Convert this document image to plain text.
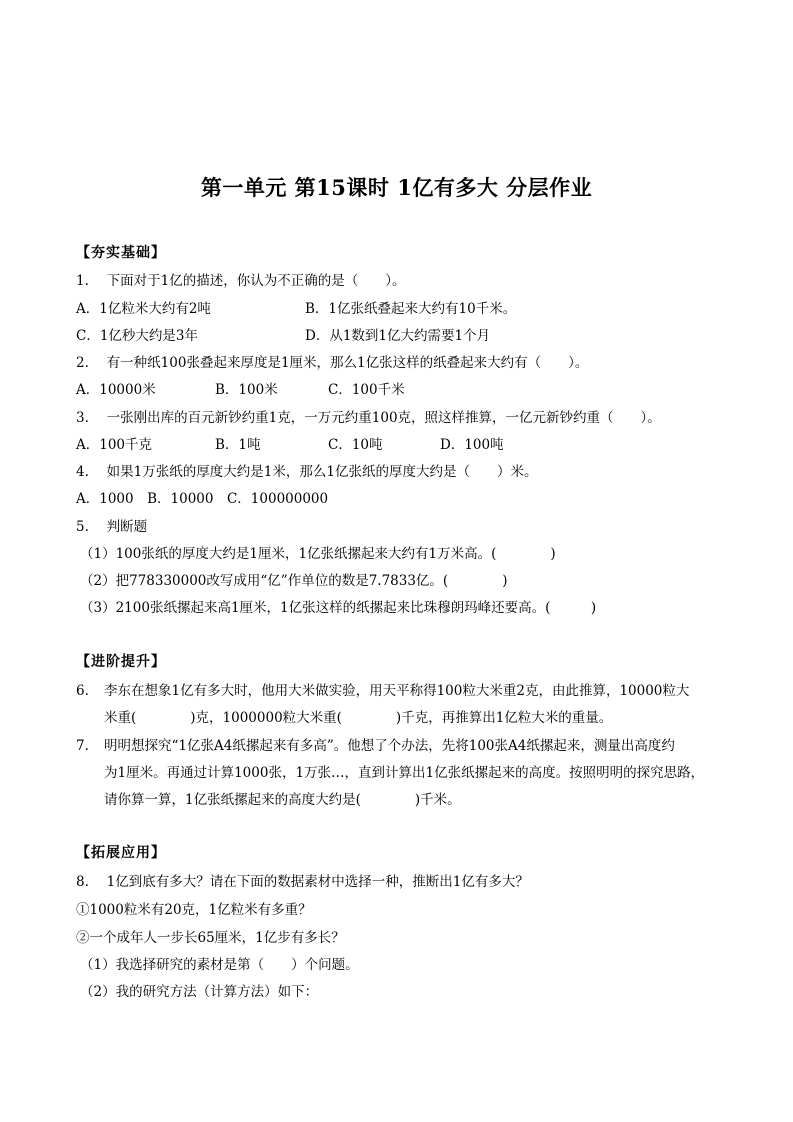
第一单元 第15课时 1亿有多大 分层作业
【夯实基础】
1.　 下面对于1亿的描述，你认为不正确的是（　　）。
A．1亿粒米大约有2吨	B．1亿张纸叠起来大约有10千米。
C．1亿秒大约是3年	D．从1数到1亿大约需要1个月
2.　 有一种纸100张叠起来厚度是1厘米，那么1亿张这样的纸叠起来大约有（　　）。
A．10000米	B．100米	C．100千米
3.　 一张刚出库的百元新钞约重1克，一万元约重100克，照这样推算，一亿元新钞约重（　　）。
A．100千克	B．1吨	C．10吨	D．100吨
4.　 如果1万张纸的厚度大约是1米，那么1亿张纸的厚度大约是（　　）米。
A．1000　B．10000　C．100000000
5.　 判断题
（1）100张纸的厚度大约是1厘米，1亿张纸摞起来大约有1万米高。(　　　　)
（2）把778330000改写成用“亿”作单位的数是7.7833亿。(　　　　)
（3）2100张纸摞起来高1厘米，1亿张这样的纸摞起来比珠穆朗玛峰还要高。(　　　)
【进阶提升】
6. 李东在想象1亿有多大时，他用大米做实验，用天平称得100粒大米重2克，由此推算，10000粒大
米重(　　　　)克，1000000粒大米重(　　　　)千克，再推算出1亿粒大米的重量。
7. 明明想探究“1亿张A4纸摞起来有多高”。他想了个办法，先将100张A4纸摞起来，测量出高度约
为1厘米。再通过计算1000张，1万张…，直到计算出1亿张纸摞起来的高度。按照明明的探究思路，
请你算一算，1亿张纸摞起来的高度大约是(　　　　)千米。
【拓展应用】
8.　 1亿到底有多大？请在下面的数据素材中选择一种，推断出1亿有多大？
①1000粒米有20克，1亿粒米有多重？
②一个成年人一步长65厘米，1亿步有多长？
（1）我选择研究的素材是第（　　）个问题。
（2）我的研究方法（计算方法）如下：
